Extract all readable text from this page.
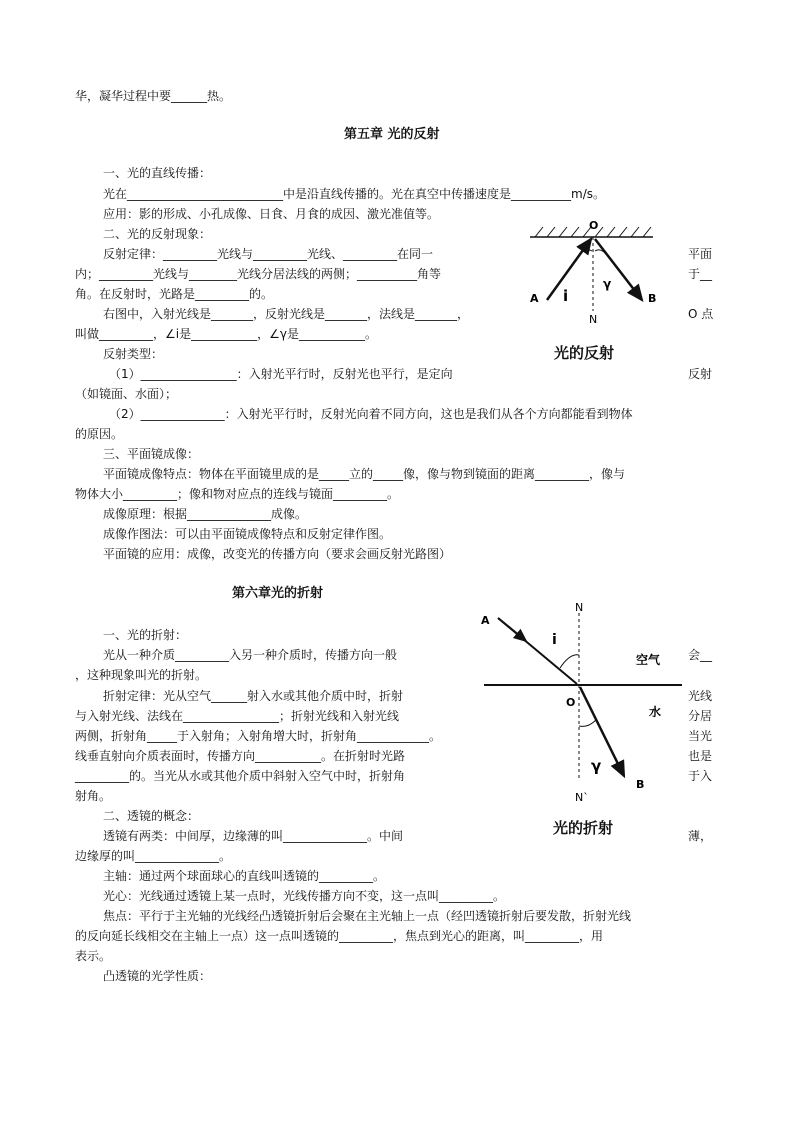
华，凝华过程中要______热。
第五章 光的反射
一、光的直线传播：
光在__________________________中是沿直线传播的。光在真空中传播速度是__________m/s。
应用：影的形成、小孔成像、日食、月食的成因、激光准值等。
二、光的反射现象：
反射定律：_________光线与_________光线、_________在同一
内；_________光线与________光线分居法线的两侧；__________角等
角。在反射时，光路是_________的。
右图中，入射光线是_______，反射光线是_______，法线是_______，
叫做_________，∠i是___________，∠γ是___________。
反射类型：
（1）________________：入射光平行时，反射光也平行，是定向
（如镜面、水面）；
（2）______________：入射光平行时，反射光向着不同方向，这也是我们从各个方向都能看到物体
的原因。
三、平面镜成像：
平面镜成像特点：物体在平面镜里成的是_____立的_____像，像与物到镜面的距离_________，像与
物体大小_________；像和物对应点的连线与镜面_________。
成像原理：根据______________成像。
成像作图法：可以由平面镜成像特点和反射定律作图。
平面镜的应用：成像，改变光的传播方向（要求会画反射光路图）
平面
于__
O 点
反射
O
A	B
N
i
γ
光的反射
第六章光的折射
一、光的折射：
光从一种介质_________入另一种介质时，传播方向一般
，这种现象叫光的折射。
折射定律：光从空气______射入水或其他介质中时，折射
与入射光线、法线在________________；折射光线和入射光线
两侧，折射角_____于入射角；入射角增大时，折射角____________。
线垂直射向介质表面时，传播方向___________。在折射时光路
_________的。当光从水或其他介质中斜射入空气中时，折射角
射角。
二、透镜的概念：
透镜有两类：中间厚，边缘薄的叫______________。中间
边缘厚的叫______________。
主轴：通过两个球面球心的直线叫透镜的_________。
光心：光线通过透镜上某一点时，光线传播方向不变，这一点叫_________。
焦点：平行于主光轴的光线经凸透镜折射后会聚在主光轴上一点（经凹透镜折射后要发散，折射光线
的反向延长线相交在主轴上一点）这一点叫透镜的_________，焦点到光心的距离，叫_________，用
表示。
凸透镜的光学性质：
会__
光线
分居
当光
也是
于入
薄，
A
B
O
N
N`
i
γ
空气
水
光的折射
